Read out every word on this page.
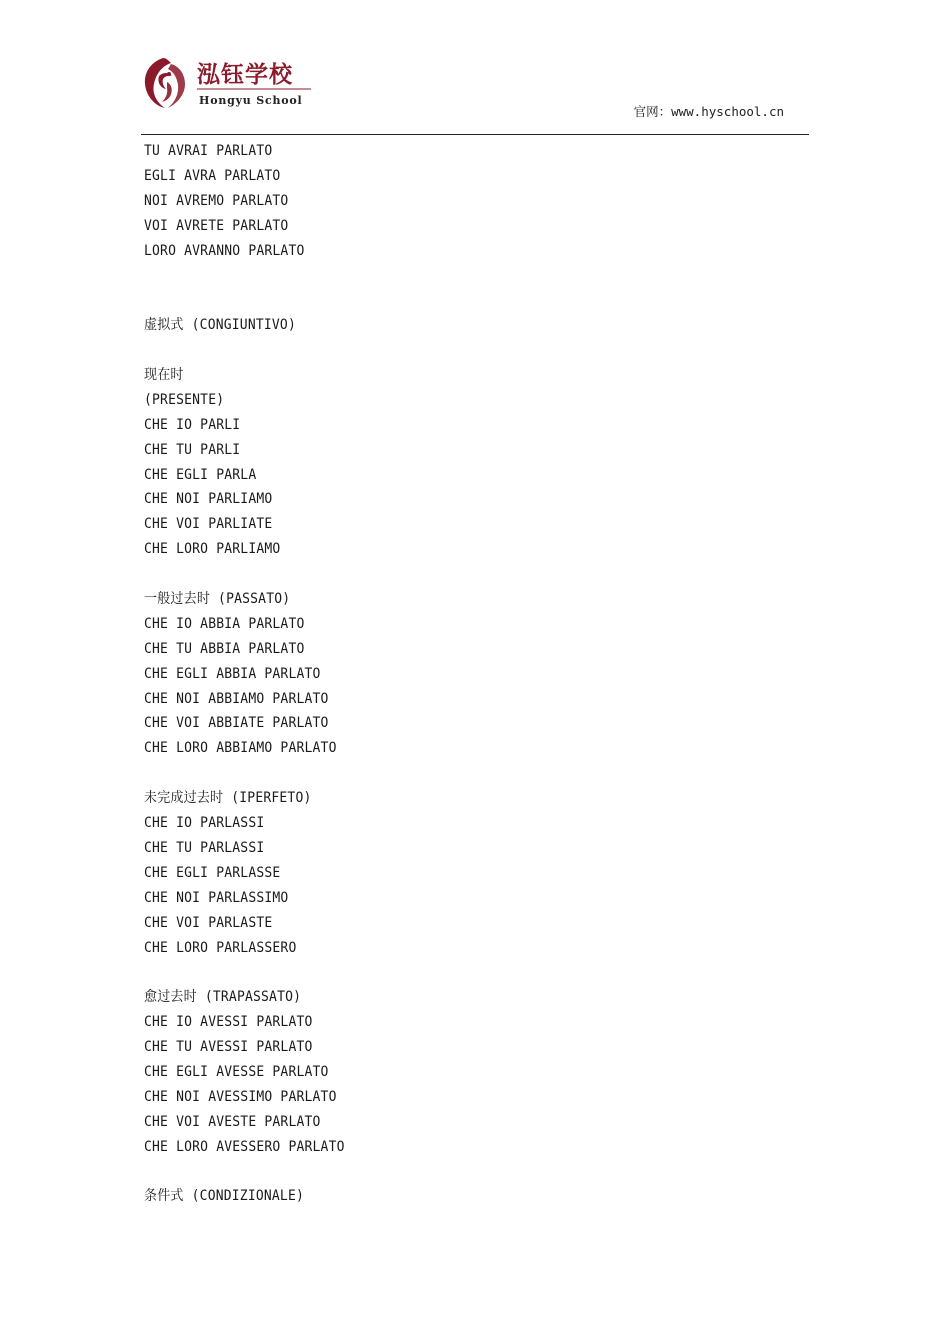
泓钰学校
Hongyu School
官网：www.hyschool.cn
TU AVRAI PARLATO
EGLI AVRA PARLATO
NOI AVREMO PARLATO
VOI AVRETE PARLATO
LORO AVRANNO PARLATO
虚拟式 (CONGIUNTIVO)
现在时
(PRESENTE)
CHE IO PARLI
CHE TU PARLI
CHE EGLI PARLA
CHE NOI PARLIAMO
CHE VOI PARLIATE
CHE LORO PARLIAMO
一般过去时 (PASSATO)
CHE IO ABBIA PARLATO
CHE TU ABBIA PARLATO
CHE EGLI ABBIA PARLATO
CHE NOI ABBIAMO PARLATO
CHE VOI ABBIATE PARLATO
CHE LORO ABBIAMO PARLATO
未完成过去时 (IPERFETO)
CHE IO PARLASSI
CHE TU PARLASSI
CHE EGLI PARLASSE
CHE NOI PARLASSIMO
CHE VOI PARLASTE
CHE LORO PARLASSERO
愈过去时 (TRAPASSATO)
CHE IO AVESSI PARLATO
CHE TU AVESSI PARLATO
CHE EGLI AVESSE PARLATO
CHE NOI AVESSIMO PARLATO
CHE VOI AVESTE PARLATO
CHE LORO AVESSERO PARLATO
条件式 (CONDIZIONALE)
